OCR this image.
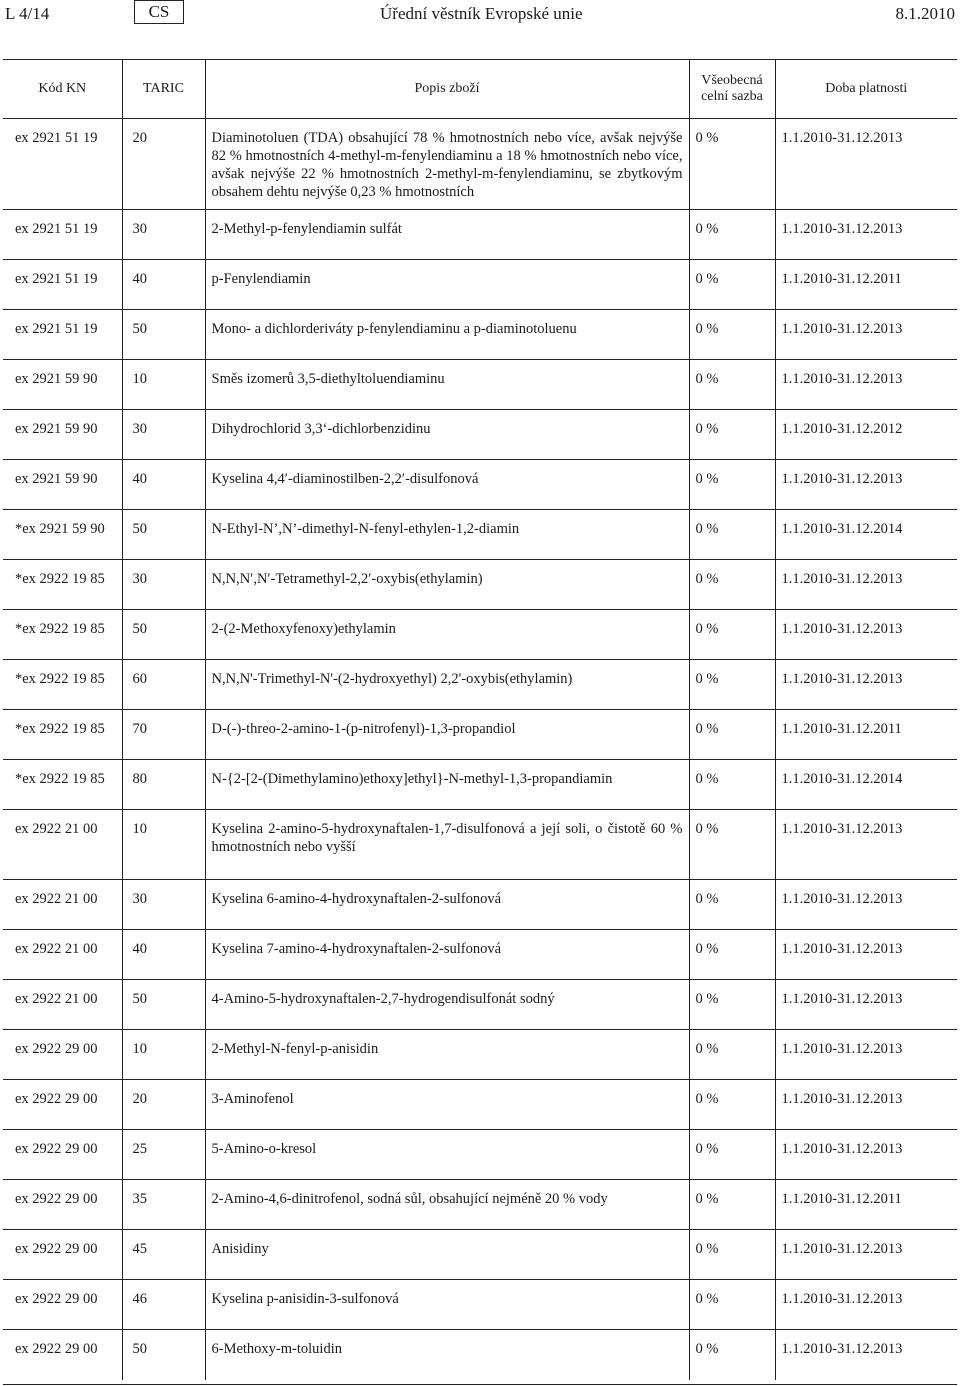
L 4/14	CS	Úřední věstník Evropské unie	8.1.2010
Kód KN	TARIC	Popis zboží	Všeobecná celní sazba	Doba platnosti
ex 2921 51 19	20	Diaminotoluen (TDA) obsahující 78 % hmotnostních nebo více, avšak nejvýše 82 % hmotnostních 4-methyl-m-fenylendiaminu a 18 % hmotnostních nebo více, avšak nejvýše 22 % hmotnostních 2-methyl-m-fenylendiaminu, se zbytkovým obsahem dehtu nejvýše 0,23 % hmotnostních	0 %	1.1.2010-31.12.2013
ex 2921 51 19	30	2-Methyl-p-fenylendiamin sulfát	0 %	1.1.2010-31.12.2013
ex 2921 51 19	40	p-Fenylendiamin	0 %	1.1.2010-31.12.2011
ex 2921 51 19	50	Mono- a dichlorderiváty p-fenylendiaminu a p-diaminotoluenu	0 %	1.1.2010-31.12.2013
ex 2921 59 90	10	Směs izomerů 3,5-diethyltoluendiaminu	0 %	1.1.2010-31.12.2013
ex 2921 59 90	30	Dihydrochlorid 3,3‘-dichlorbenzidinu	0 %	1.1.2010-31.12.2012
ex 2921 59 90	40	Kyselina 4,4′-diaminostilben-2,2′-disulfonová	0 %	1.1.2010-31.12.2013
*ex 2921 59 90	50	N-Ethyl-N’,N’-dimethyl-N-fenyl-ethylen-1,2-diamin	0 %	1.1.2010-31.12.2014
*ex 2922 19 85	30	N,N,N′,N′-Tetramethyl-2,2′-oxybis(ethylamin)	0 %	1.1.2010-31.12.2013
*ex 2922 19 85	50	2-(2-Methoxyfenoxy)ethylamin	0 %	1.1.2010-31.12.2013
*ex 2922 19 85	60	N,N,N'-Trimethyl-N'-(2-hydroxyethyl) 2,2'-oxybis(ethylamin)	0 %	1.1.2010-31.12.2013
*ex 2922 19 85	70	D-(-)-threo-2-amino-1-(p-nitrofenyl)-1,3-propandiol	0 %	1.1.2010-31.12.2011
*ex 2922 19 85	80	N-{2-[2-(Dimethylamino)ethoxy]ethyl}-N-methyl-1,3-propandiamin	0 %	1.1.2010-31.12.2014
ex 2922 21 00	10	Kyselina 2-amino-5-hydroxynaftalen-1,7-disulfonová a její soli, o čistotě 60 % hmotnostních nebo vyšší	0 %	1.1.2010-31.12.2013
ex 2922 21 00	30	Kyselina 6-amino-4-hydroxynaftalen-2-sulfonová	0 %	1.1.2010-31.12.2013
ex 2922 21 00	40	Kyselina 7-amino-4-hydroxynaftalen-2-sulfonová	0 %	1.1.2010-31.12.2013
ex 2922 21 00	50	4-Amino-5-hydroxynaftalen-2,7-hydrogendisulfonát sodný	0 %	1.1.2010-31.12.2013
ex 2922 29 00	10	2-Methyl-N-fenyl-p-anisidin	0 %	1.1.2010-31.12.2013
ex 2922 29 00	20	3-Aminofenol	0 %	1.1.2010-31.12.2013
ex 2922 29 00	25	5-Amino-o-kresol	0 %	1.1.2010-31.12.2013
ex 2922 29 00	35	2-Amino-4,6-dinitrofenol, sodná sůl, obsahující nejméně 20 % vody	0 %	1.1.2010-31.12.2011
ex 2922 29 00	45	Anisidiny	0 %	1.1.2010-31.12.2013
ex 2922 29 00	46	Kyselina p-anisidin-3-sulfonová	0 %	1.1.2010-31.12.2013
ex 2922 29 00	50	6-Methoxy-m-toluidin	0 %	1.1.2010-31.12.2013
